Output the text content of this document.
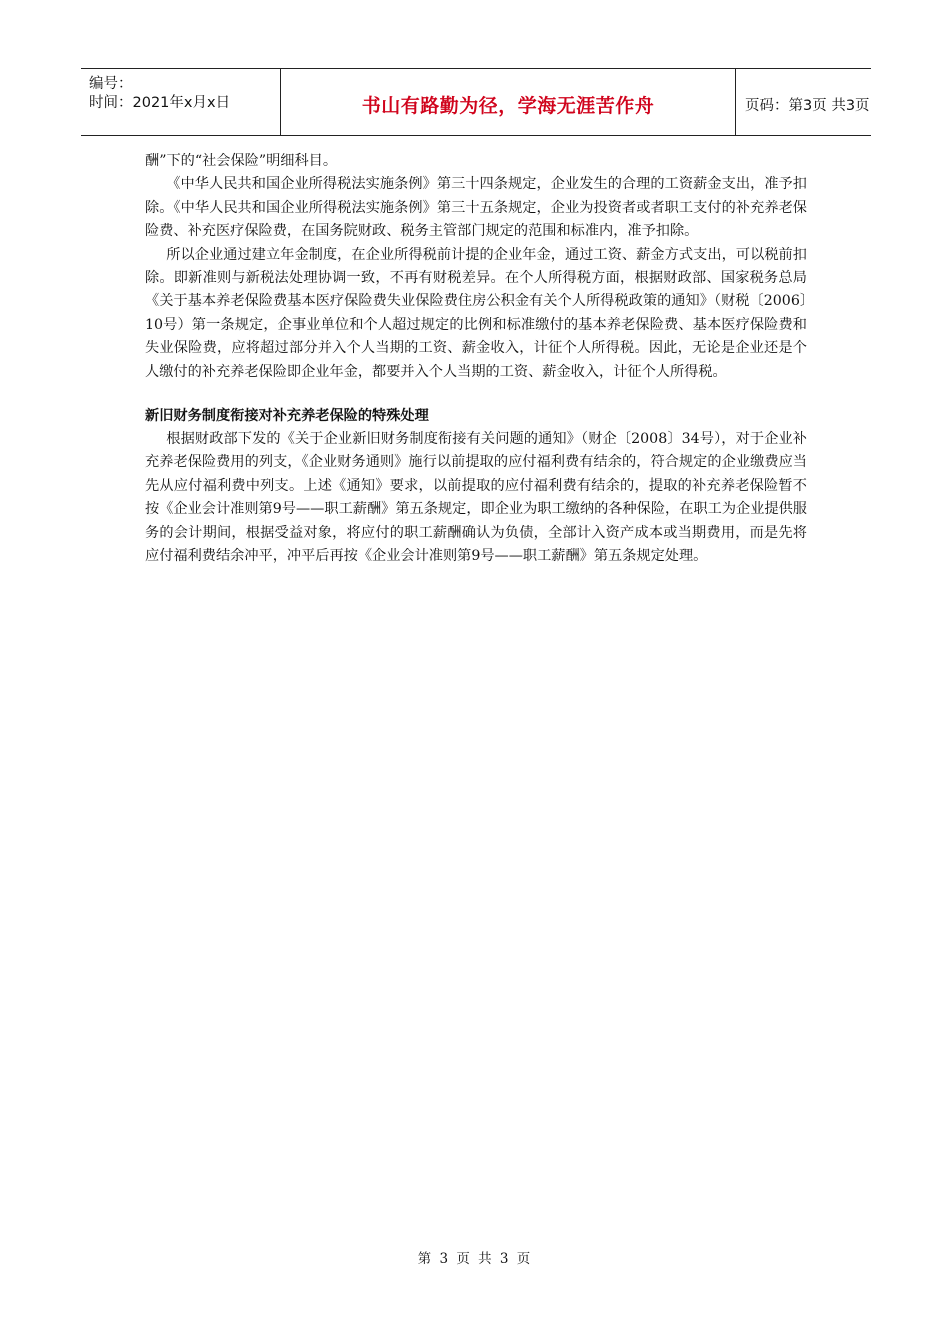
编号：
时间：2021年x月x日	书山有路勤为径，学海无涯苦作舟	页码：第3页 共3页

酬”下的“社会保险”明细科目。

《中华人民共和国企业所得税法实施条例》第三十四条规定，企业发生的合理的工资薪金支出，准予扣除。《中华人民共和国企业所得税法实施条例》第三十五条规定，企业为投资者或者职工支付的补充养老保险费、补充医疗保险费，在国务院财政、税务主管部门规定的范围和标准内，准予扣除。

所以企业通过建立年金制度，在企业所得税前计提的企业年金，通过工资、薪金方式支出，可以税前扣除。即新准则与新税法处理协调一致，不再有财税差异。在个人所得税方面，根据财政部、国家税务总局《关于基本养老保险费基本医疗保险费失业保险费住房公积金有关个人所得税政策的通知》（财税〔2006〕10号）第一条规定，企事业单位和个人超过规定的比例和标准缴付的基本养老保险费、基本医疗保险费和失业保险费，应将超过部分并入个人当期的工资、薪金收入，计征个人所得税。因此，无论是企业还是个人缴付的补充养老保险即企业年金，都要并入个人当期的工资、薪金收入，计征个人所得税。

新旧财务制度衔接对补充养老保险的特殊处理

根据财政部下发的《关于企业新旧财务制度衔接有关问题的通知》（财企〔2008〕34号），对于企业补充养老保险费用的列支，《企业财务通则》施行以前提取的应付福利费有结余的，符合规定的企业缴费应当先从应付福利费中列支。上述《通知》要求，以前提取的应付福利费有结余的，提取的补充养老保险暂不按《企业会计准则第9号——职工薪酬》第五条规定，即企业为职工缴纳的各种保险，在职工为企业提供服务的会计期间，根据受益对象，将应付的职工薪酬确认为负债，全部计入资产成本或当期费用，而是先将应付福利费结余冲平，冲平后再按《企业会计准则第9号——职工薪酬》第五条规定处理。

第 3 页 共 3 页
